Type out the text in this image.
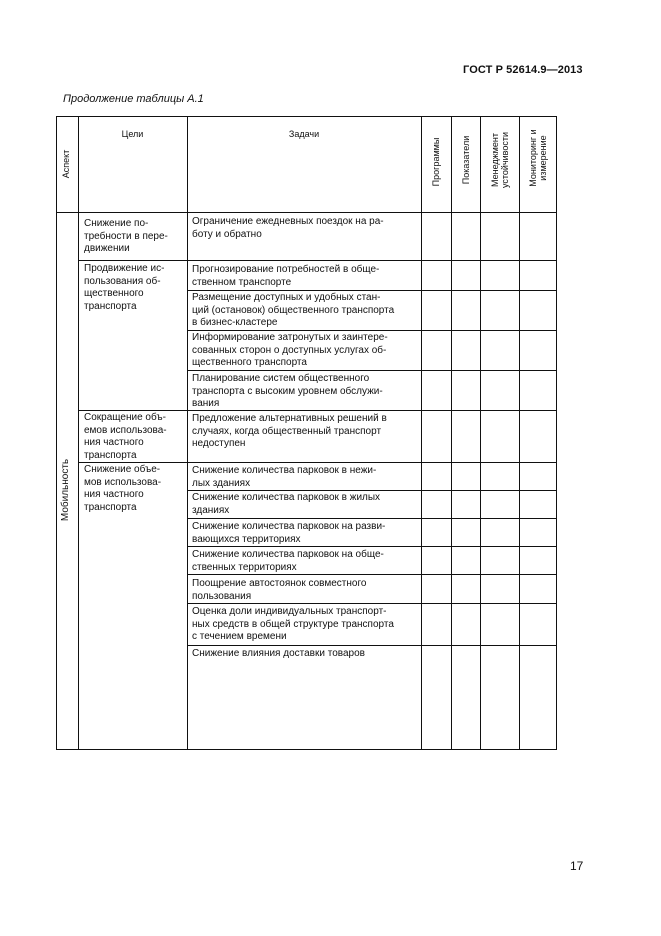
ГОСТ Р 52614.9—2013
Продолжение таблицы А.1
Аспект
Цели	Задачи
Программы Показатели Менеджмент
устойчивости Мониторинг и
измерение
Мобильность
Снижение по-
требности в пере-
движении
Продвижение ис-
пользования об-
щественного
транспорта
Сокращение объ-
емов использова-
ния частного
транспорта
Снижение объе-
мов использова-
ния частного
транспорта
Ограничение ежедневных поездок на ра-
боту и обратно
Прогнозирование потребностей в обще-
ственном транспорте
Размещение доступных и удобных стан-
ций (остановок) общественного транспорта
в бизнес-кластере
Информирование затронутых и заинтере-
сованных сторон о доступных услугах об-
щественного транспорта
Планирование систем общественного
транспорта с высоким уровнем обслужи-
вания
Предложение альтернативных решений в
случаях, когда общественный транспорт
недоступен
Снижение количества парковок в нежи-
лых зданиях
Снижение количества парковок в жилых
зданиях
Снижение количества парковок на разви-
вающихся территориях
Снижение количества парковок на обще-
ственных территориях
Поощрение автостоянок совместного
пользования
Оценка доли индивидуальных транспорт-
ных средств в общей структуре транспорта
с течением времени
Снижение влияния доставки товаров
17
